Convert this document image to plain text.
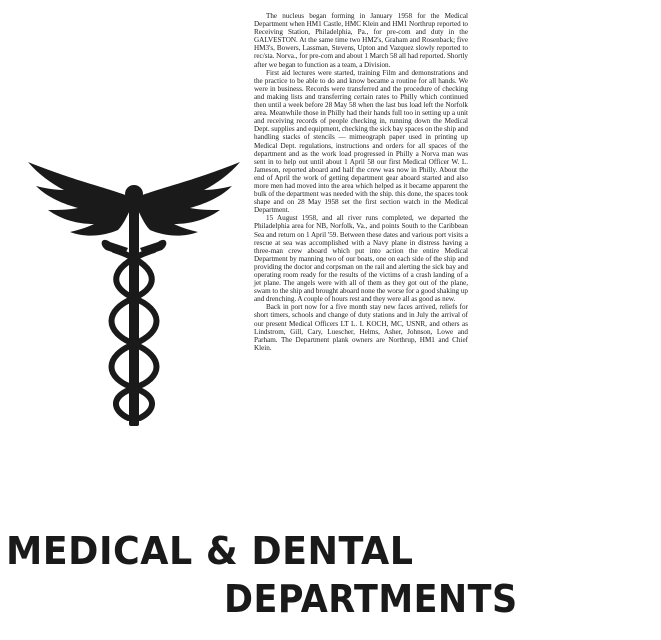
The nucleus began forming in January 1958 for the Medical Department when HM1 Castle, HMC Klein and HM1 Northrup reported to Receiving Station, Philadelphia, Pa., for pre-com and duty in the GALVESTON. At the same time two HM2's, Graham and Rosenback; five HM3's, Bowers, Lassman, Stevens, Upton and Vazquez slowly reported to rec/sta. Norva., for pre-com and about 1 March 58 all had reported. Shortly after we began to function as a team, a Division.

First aid lectures were started, training Film and demonstrations and the practice to be able to do and know became a routine for all hands. We were in business. Records were transferred and the procedure of checking and making lists and transferring certain rates to Philly which continued then until a week before 28 May 58 when the last bus load left the Norfolk area. Meanwhile those in Philly had their hands full too in setting up a unit and receiving records of people checking in, running down the Medical Dept. supplies and equipment, checking the sick bay spaces on the ship and handling stacks of stencils — mimeograph paper used in printing up Medical Dept. regulations, instructions and orders for all spaces of the department and as the work load progressed in Philly a Norva man was sent in to help out until about 1 April 58 our first Medical Officer W. L. Jameson, reported aboard and half the crew was now in Philly. About the end of April the work of getting department gear aboard started and also more men had moved into the area which helped as it became apparent the bulk of the department was needed with the ship. this done, the spaces took shape and on 28 May 1958 set the first section watch in the Medical Department.

15 August 1958, and all river runs completed, we departed the Philadelphia area for NB, Norfolk, Va., and points South to the Caribbean Sea and return on 1 April '59. Between these dates and various port visits a rescue at sea was accomplished with a Navy plane in distress having a three-man crew aboard which put into action the entire Medical Department by manning two of our boats, one on each side of the ship and providing the doctor and corpsman on the rail and alerting the sick bay and operating room ready for the results of the victims of a crash landing of a jet plane. The angels were with all of them as they got out of the plane, swam to the ship and brought aboard none the worse for a good shaking up and drenching. A couple of hours rest and they were all as good as new.

Back in port now for a five month stay new faces arrived, reliefs for short timers, schools and change of duty stations and in July the arrival of our present Medical Officers LT L. I. KOCH, MC, USNR, and others as Lindstrom, Gill, Cary, Luescher, Helms, Asher, Johnson, Lowe and Parham. The Department plank owners are Northrup, HM1 and Chief Klein.

MEDICAL & DENTAL
DEPARTMENTS
